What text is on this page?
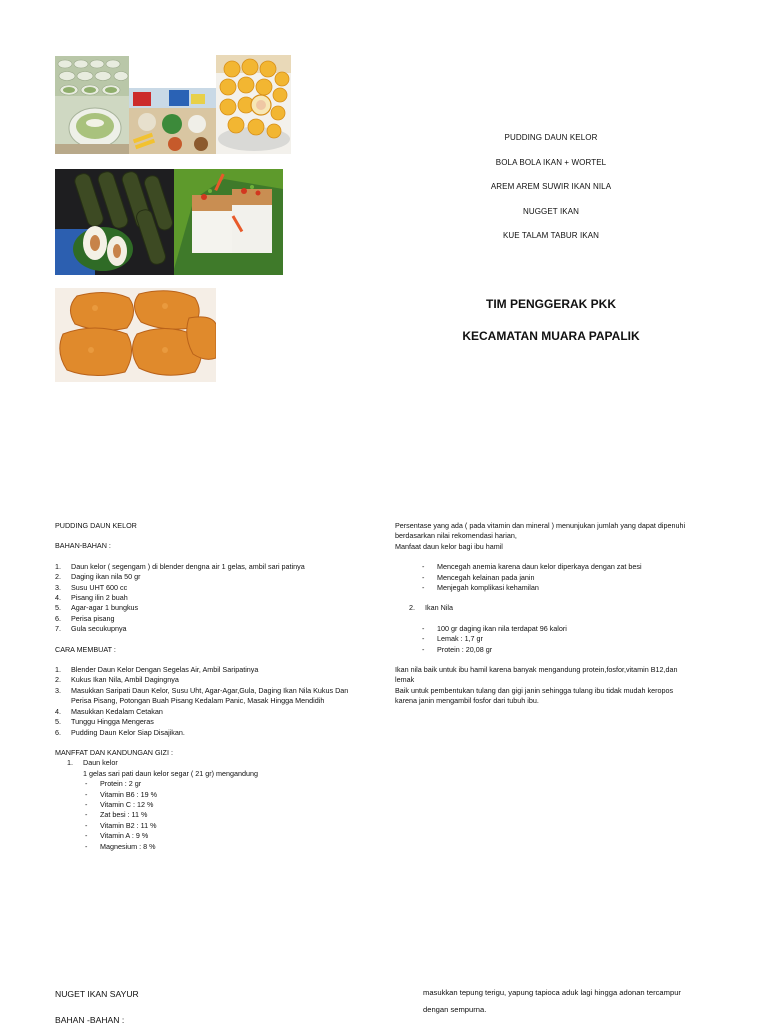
PUDDING DAUN KELOR
BOLA BOLA IKAN + WORTEL
AREM AREM SUWIR IKAN NILA
NUGGET IKAN
KUE TALAM TABUR IKAN
TIM PENGGERAK PKK
KECAMATAN MUARA PAPALIK

PUDDING DAUN KELOR

BAHAN-BAHAN :

1.	Daun kelor ( segengam ) di blender dengna air 1 gelas, ambil sari patinya
2.	Daging ikan nila 50 gr
3.	Susu UHT 600 cc
4.	Pisang ilin 2 buah
5.	Agar-agar 1 bungkus
6.	Perisa pisang
7.	Gula secukupnya

CARA MEMBUAT :

1.	Blender Daun Kelor Dengan Segelas Air, Ambil Saripatinya
2.	Kukus Ikan Nila, Ambil Dagingnya
3.	Masukkan Saripati Daun Kelor, Susu Uht, Agar-Agar,Gula, Daging Ikan Nila Kukus Dan Perisa Pisang, Potongan Buah Pisang Kedalam Panic, Masak Hingga Mendidih
4.	Masukkan Kedalam Cetakan
5.	Tunggu Hingga Mengeras
6.	Pudding Daun Kelor Siap Disajikan.

MANFFAT DAN KANDUNGAN GIZI :

1.	Daun kelor

1 gelas sari pati daun kelor segar ( 21 gr) mengandung

-	Protein : 2 gr
-	Vitamin B6 : 19 %
-	Vitamin C : 12 %
-	Zat besi : 11 %
-	Vitamin B2 : 11 %
-	Vitamin A : 9 %
-	Magnesium : 8 %

Persentase yang ada ( pada vitamin dan mineral ) menunjukan jumlah yang dapat dipenuhi

berdasarkan nilai rekomendasi harian,

Manfaat daun kelor bagi ibu hamil

-	Mencegah anemia karena daun kelor diperkaya dengan zat besi
-	Mencegah kelainan pada janin
-	Menjegah komplikasi kehamilan
2.	Ikan Nila
-	100 gr daging ikan nila terdapat 96 kalori
-	Lemak : 1,7 gr
-	Protein : 20,08 gr

Ikan nila baik untuk ibu hamil karena banyak mengandung protein,fosfor,vitamin B12,dan

lemak

Baik untuk pembentukan tulang dan gigi janin sehingga tulang ibu tidak mudah keropos

karena janin mengambil fosfor dari tubuh ibu.

NUGET IKAN SAYUR
BAHAN -BAHAN :
masukkan tepung terigu, yapung tapioca aduk lagi hingga adonan tercampur
dengan sempurna.
